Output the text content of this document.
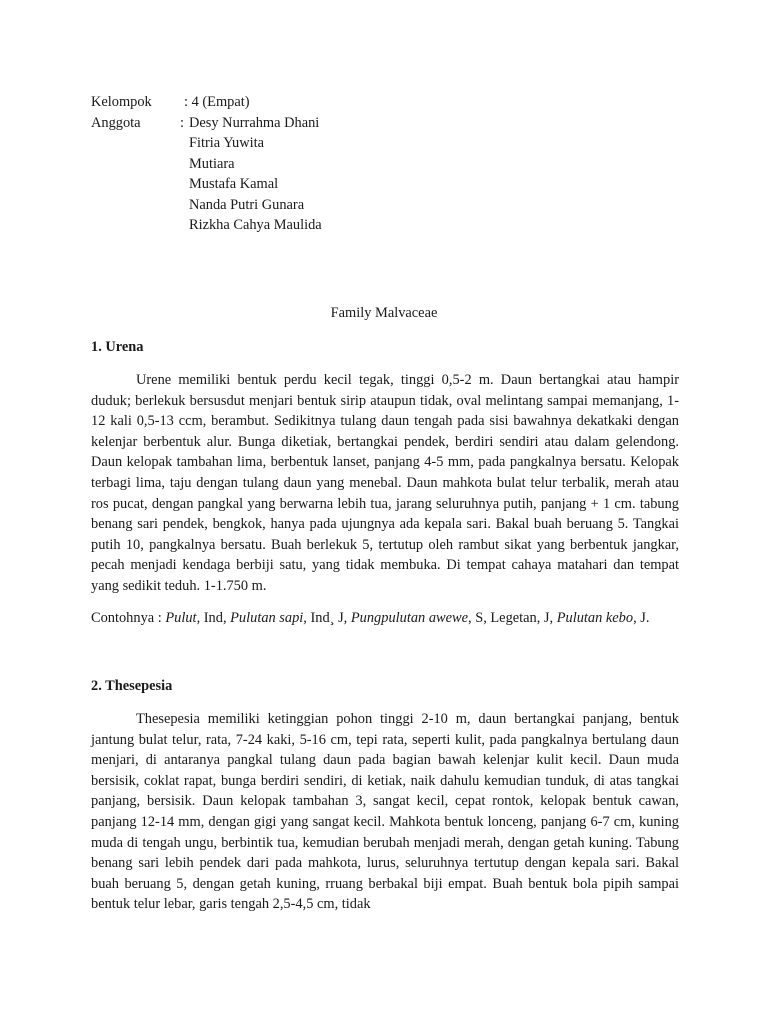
Kelompok : 4 (Empat)
Anggota	: Desy Nurrahma Dhani
Fitria Yuwita
Mutiara
Mustafa Kamal
Nanda Putri Gunara
Rizkha Cahya Maulida
Family Malvaceae
1. Urena

Urene memiliki bentuk perdu kecil tegak, tinggi 0,5-2 m. Daun bertangkai atau hampir duduk; berlekuk bersusdut menjari bentuk sirip ataupun tidak, oval melintang sampai memanjang, 1-12 kali 0,5-13 ccm, berambut. Sedikitnya tulang daun tengah pada sisi bawahnya dekatkaki dengan kelenjar berbentuk alur. Bunga diketiak, bertangkai pendek, berdiri sendiri atau dalam gelendong. Daun kelopak tambahan lima, berbentuk lanset, panjang 4-5 mm, pada pangkalnya bersatu. Kelopak terbagi lima, taju dengan tulang daun yang menebal. Daun mahkota bulat telur terbalik, merah atau ros pucat, dengan pangkal yang berwarna lebih tua, jarang seluruhnya putih, panjang + 1 cm. tabung benang sari pendek, bengkok, hanya pada ujungnya ada kepala sari. Bakal buah beruang 5. Tangkai putih 10, pangkalnya bersatu. Buah berlekuk 5, tertutup oleh rambut sikat yang berbentuk jangkar, pecah menjadi kendaga berbiji satu, yang tidak membuka. Di tempat cahaya matahari dan tempat yang sedikit teduh. 1-1.750 m.

Contohnya : Pulut, Ind, Pulutan sapi, Ind¸ J, Pungpulutan awewe, S, Legetan, J, Pulutan kebo, J.
2. Thesepesia

Thesepesia memiliki ketinggian pohon tinggi 2-10 m, daun bertangkai panjang, bentuk jantung bulat telur, rata, 7-24 kaki, 5-16 cm, tepi rata, seperti kulit, pada pangkalnya bertulang daun menjari, di antaranya pangkal tulang daun pada bagian bawah kelenjar kulit kecil. Daun muda bersisik, coklat rapat, bunga berdiri sendiri, di ketiak, naik dahulu kemudian tunduk, di atas tangkai panjang, bersisik. Daun kelopak tambahan 3, sangat kecil, cepat rontok, kelopak bentuk cawan, panjang 12-14 mm, dengan gigi yang sangat kecil. Mahkota bentuk lonceng, panjang 6-7 cm, kuning muda di tengah ungu, berbintik tua, kemudian berubah menjadi merah, dengan getah kuning. Tabung benang sari lebih pendek dari pada mahkota, lurus, seluruhnya tertutup dengan kepala sari. Bakal buah beruang 5, dengan getah kuning, rruang berbakal biji empat. Buah bentuk bola pipih sampai bentuk telur lebar, garis tengah 2,5-4,5 cm, tidak
